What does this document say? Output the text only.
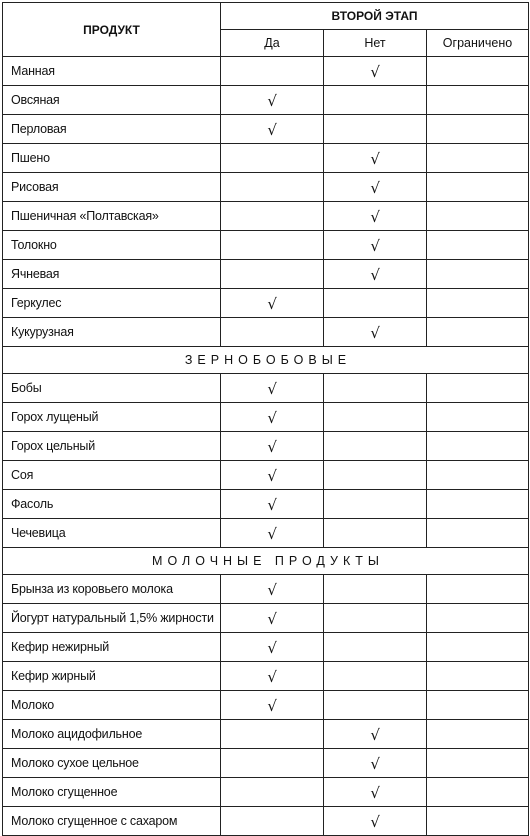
ПРОДУКТ	ВТОРОЙ ЭТАП		
	Да	Нет	Ограничено
Манная		√	
Овсяная	√		
Перловая	√		
Пшено		√	
Рисовая		√	
Пшеничная «Полтавская»		√	
Толокно		√	
Ячневая		√	
Геркулес	√		
Кукурузная		√	
ЗЕРНОБОБОВЫЕ			
Бобы	√		
Горох лущеный	√		
Горох цельный	√		
Соя	√		
Фасоль	√		
Чечевица	√		
МОЛОЧНЫЕ ПРОДУКТЫ			
Брынза из коровьего молока	√		
Йогурт натуральный 1,5% жирности	√		
Кефир нежирный	√		
Кефир жирный	√		
Молоко	√		
Молоко ацидофильное		√	
Молоко сухое цельное		√	
Молоко сгущенное		√	
Молоко сгущенное с сахаром		√	
